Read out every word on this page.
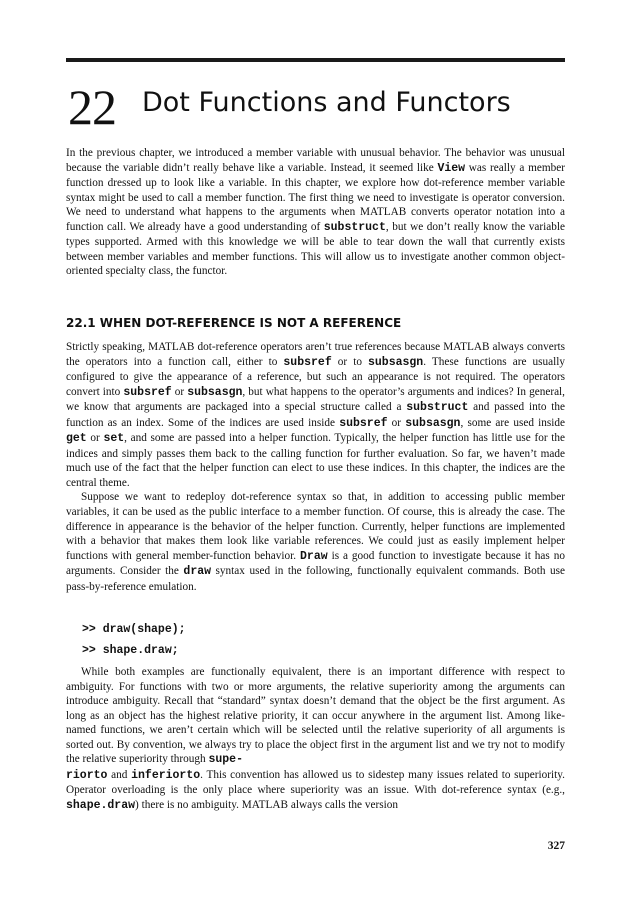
22 Dot Functions and Functors

In the previous chapter, we introduced a member variable with unusual behavior. The behavior was unusual because the variable didn’t really behave like a variable. Instead, it seemed like View was really a member function dressed up to look like a variable. In this chapter, we explore how dot-reference member variable syntax might be used to call a member function. The first thing we need to investigate is operator conversion. We need to understand what happens to the arguments when MATLAB converts operator notation into a function call. We already have a good understanding of substruct, but we don’t really know the variable types supported. Armed with this knowledge we will be able to tear down the wall that currently exists between member variables and member functions. This will allow us to investigate another common object-oriented specialty class, the functor.

22.1 WHEN DOT-REFERENCE IS NOT A REFERENCE

Strictly speaking, MATLAB dot-reference operators aren’t true references because MATLAB always converts the operators into a function call, either to subsref or to subsasgn. These functions are usually configured to give the appearance of a reference, but such an appearance is not required. The operators convert into subsref or subsasgn, but what happens to the operator’s arguments and indices? In general, we know that arguments are packaged into a special structure called a substruct and passed into the function as an index. Some of the indices are used inside subsref or subsasgn, some are used inside get or set, and some are passed into a helper function. Typically, the helper function has little use for the indices and simply passes them back to the calling function for further evaluation. So far, we haven’t made much use of the fact that the helper function can elect to use these indices. In this chapter, the indices are the central theme.

Suppose we want to redeploy dot-reference syntax so that, in addition to accessing public member variables, it can be used as the public interface to a member function. Of course, this is already the case. The difference in appearance is the behavior of the helper function. Currently, helper functions are implemented with a behavior that makes them look like variable references. We could just as easily implement helper functions with general member-function behavior. Draw is a good function to investigate because it has no arguments. Consider the draw syntax used in the following, functionally equivalent commands. Both use pass-by-reference emulation.

>> draw(shape);
>> shape.draw;

While both examples are functionally equivalent, there is an important difference with respect to ambiguity. For functions with two or more arguments, the relative superiority among the arguments can introduce ambiguity. Recall that “standard” syntax doesn’t demand that the object be the first argument. As long as an object has the highest relative priority, it can occur anywhere in the argument list. Among like-named functions, we aren’t certain which will be selected until the relative superiority of all arguments is sorted out. By convention, we always try to place the object first in the argument list and we try not to modify the relative superiority through supe-
riorto and inferiorto. This convention has allowed us to sidestep many issues related to superiority. Operator overloading is the only place where superiority was an issue. With dot-reference syntax (e.g., shape.draw) there is no ambiguity. MATLAB always calls the version

327
